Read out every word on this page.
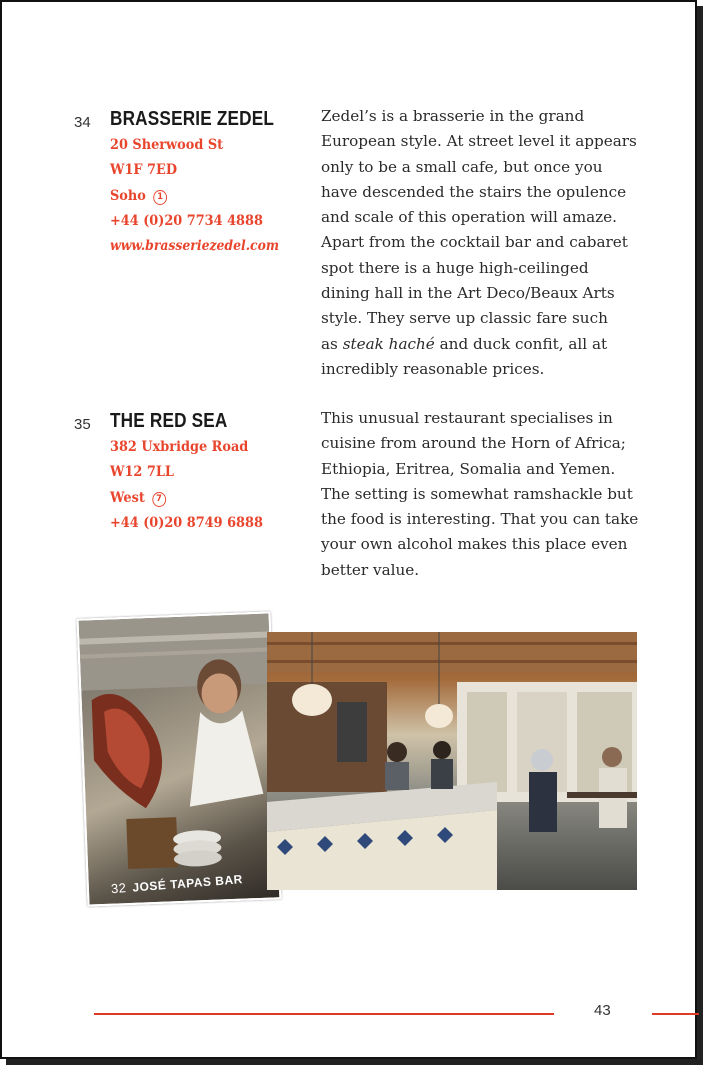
34 BRASSERIE ZEDEL
20 Sherwood St
W1F 7ED
Soho 1
+44 (0)20 7734 4888
www.brasseriezedel.com
Zedel’s is a brasserie in the grand
European style. At street level it appears
only to be a small cafe, but once you
have descended the stairs the opulence
and scale of this operation will amaze.
Apart from the cocktail bar and cabaret
spot there is a huge high-ceilinged
dining hall in the Art Deco/Beaux Arts
style. They serve up classic fare such
as steak haché and duck confit, all at
incredibly reasonable prices.
35 THE RED SEA
382 Uxbridge Road
W12 7LL
West 7
+44 (0)20 8749 6888
This unusual restaurant specialises in
cuisine from around the Horn of Africa;
Ethiopia, Eritrea, Somalia and Yemen.
The setting is somewhat ramshackle but
the food is interesting. That you can take
your own alcohol makes this place even
better value.
32 JOSÉ TAPAS BAR
43
